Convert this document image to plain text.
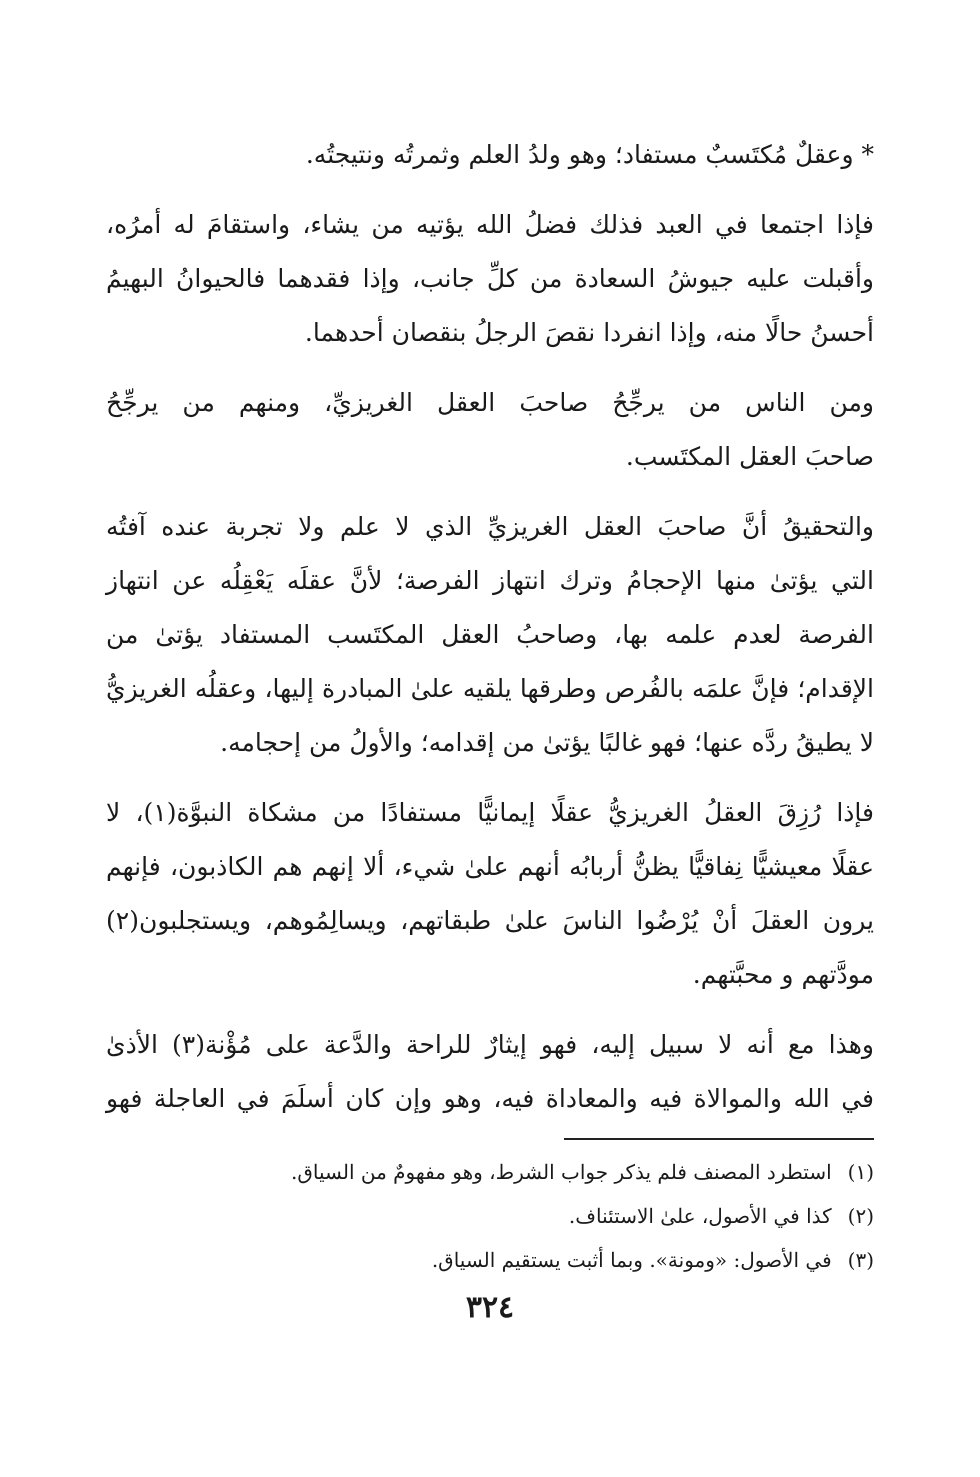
* وعقلٌ مُكتَسبٌ مستفاد؛ وهو ولدُ العلم وثمرتُه ونتيجتُه.
فإذا اجتمعا في العبد فذلك فضلُ الله يؤتيه من يشاء، واستقامَ له أمرُه،
وأقبلت عليه جيوشُ السعادة من كلِّ جانب، وإذا فقدهما فالحيوانُ البهيمُ
أحسنُ حالًا منه، وإذا انفردا نقصَ الرجلُ بنقصان أحدهما.
ومن الناس من يرجِّحُ صاحبَ العقل الغريزيِّ، ومنهم من يرجِّحُ
صاحبَ العقل المكتَسب.
والتحقيقُ أنَّ صاحبَ العقل الغريزيِّ الذي لا علم ولا تجربة عنده آفتُه
التي يؤتىٰ منها الإحجامُ وترك انتهاز الفرصة؛ لأنَّ عقلَه يَعْقِلُه عن انتهاز
الفرصة لعدم علمه بها، وصاحبُ العقل المكتَسب المستفاد يؤتىٰ من
الإقدام؛ فإنَّ علمَه بالفُرص وطرقها يلقيه علىٰ المبادرة إليها، وعقلُه الغريزيُّ
لا يطيقُ ردَّه عنها؛ فهو غالبًا يؤتىٰ من إقدامه؛ والأولُ من إحجامه.
فإذا رُزِقَ العقلُ الغريزيُّ عقلًا إيمانيًّا مستفادًا من مشكاة النبوَّة(١)، لا
عقلًا معيشيًّا نِفاقيًّا يظنُّ أربابُه أنهم علىٰ شيء، ألا إنهم هم الكاذبون، فإنهم
يرون العقلَ أنْ يُرْضُوا الناسَ علىٰ طبقاتهم، ويسالِمُوهم، ويستجلبون(٢)
مودَّتهم و محبَّتهم.
وهذا مع أنه لا سبيل إليه، فهو إيثارٌ للراحة والدَّعة على مُؤْنة(٣) الأذىٰ
في الله والموالاة فيه والمعاداة فيه، وهو وإن كان أسلَمَ في العاجلة فهو
(١) استطرد المصنف فلم يذكر جواب الشرط، وهو مفهومٌ من السياق.
(٢) كذا في الأصول، علىٰ الاستئناف.
(٣) في الأصول: «ومونة». وبما أثبت يستقيم السياق.
٣٢٤
